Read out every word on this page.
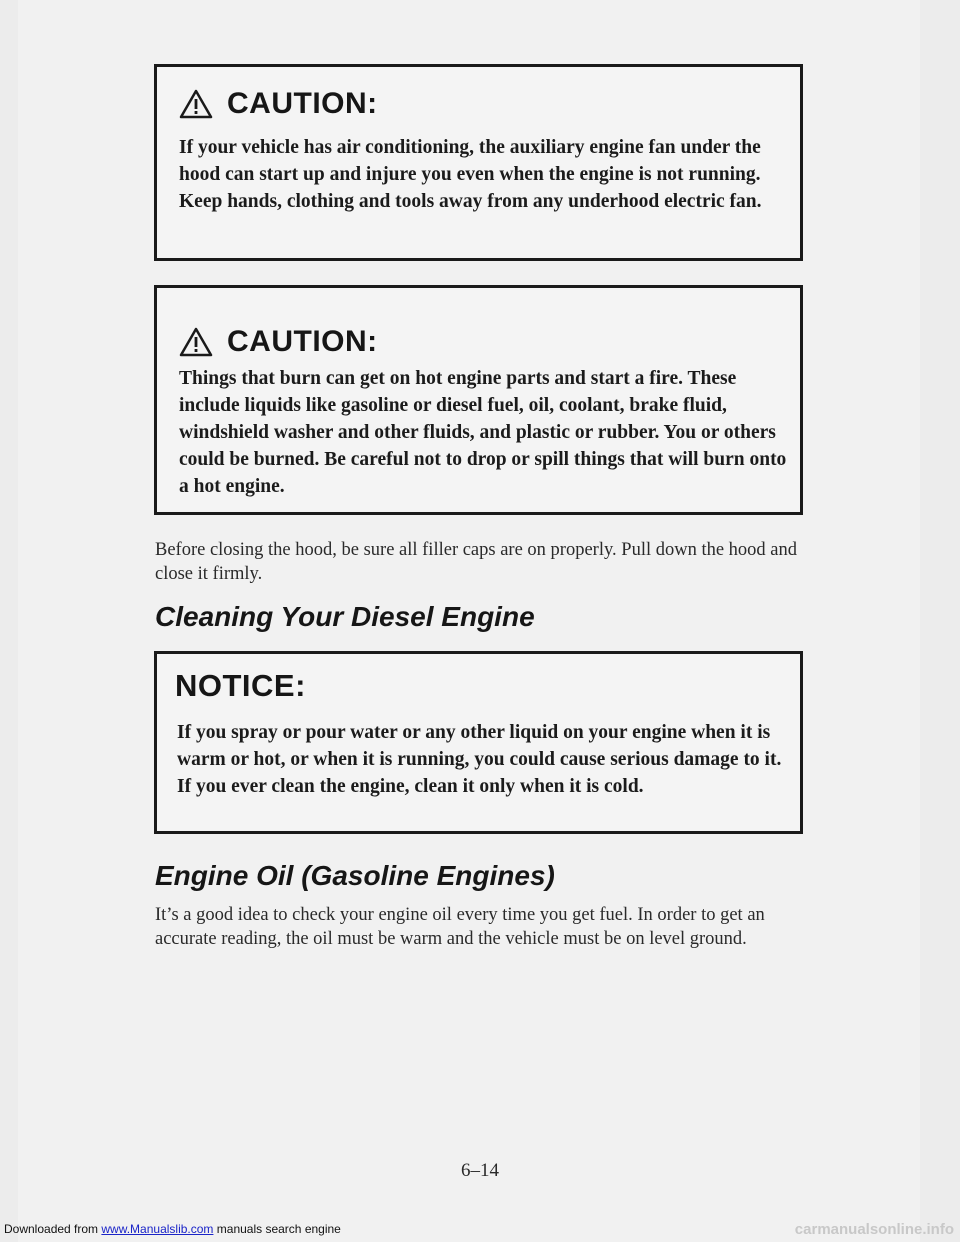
CAUTION:
If your vehicle has air conditioning, the auxiliary engine fan under the hood can start up and injure you even when the engine is not running. Keep hands, clothing and tools away from any underhood electric fan.
CAUTION:
Things that burn can get on hot engine parts and start a fire. These include liquids like gasoline or diesel fuel, oil, coolant, brake fluid, windshield washer and other fluids, and plastic or rubber. You or others could be burned. Be careful not to drop or spill things that will burn onto a hot engine.
Before closing the hood, be sure all filler caps are on properly. Pull down the hood and close it firmly.
Cleaning Your Diesel Engine
NOTICE:
If you spray or pour water or any other liquid on your engine when it is warm or hot, or when it is running, you could cause serious damage to it. If you ever clean the engine, clean it only when it is cold.
Engine Oil (Gasoline Engines)
It’s a good idea to check your engine oil every time you get fuel. In order to get an accurate reading, the oil must be warm and the vehicle must be on level ground.
6–14
Downloaded from www.Manualslib.com manuals search engine	carmanualsonline.info
